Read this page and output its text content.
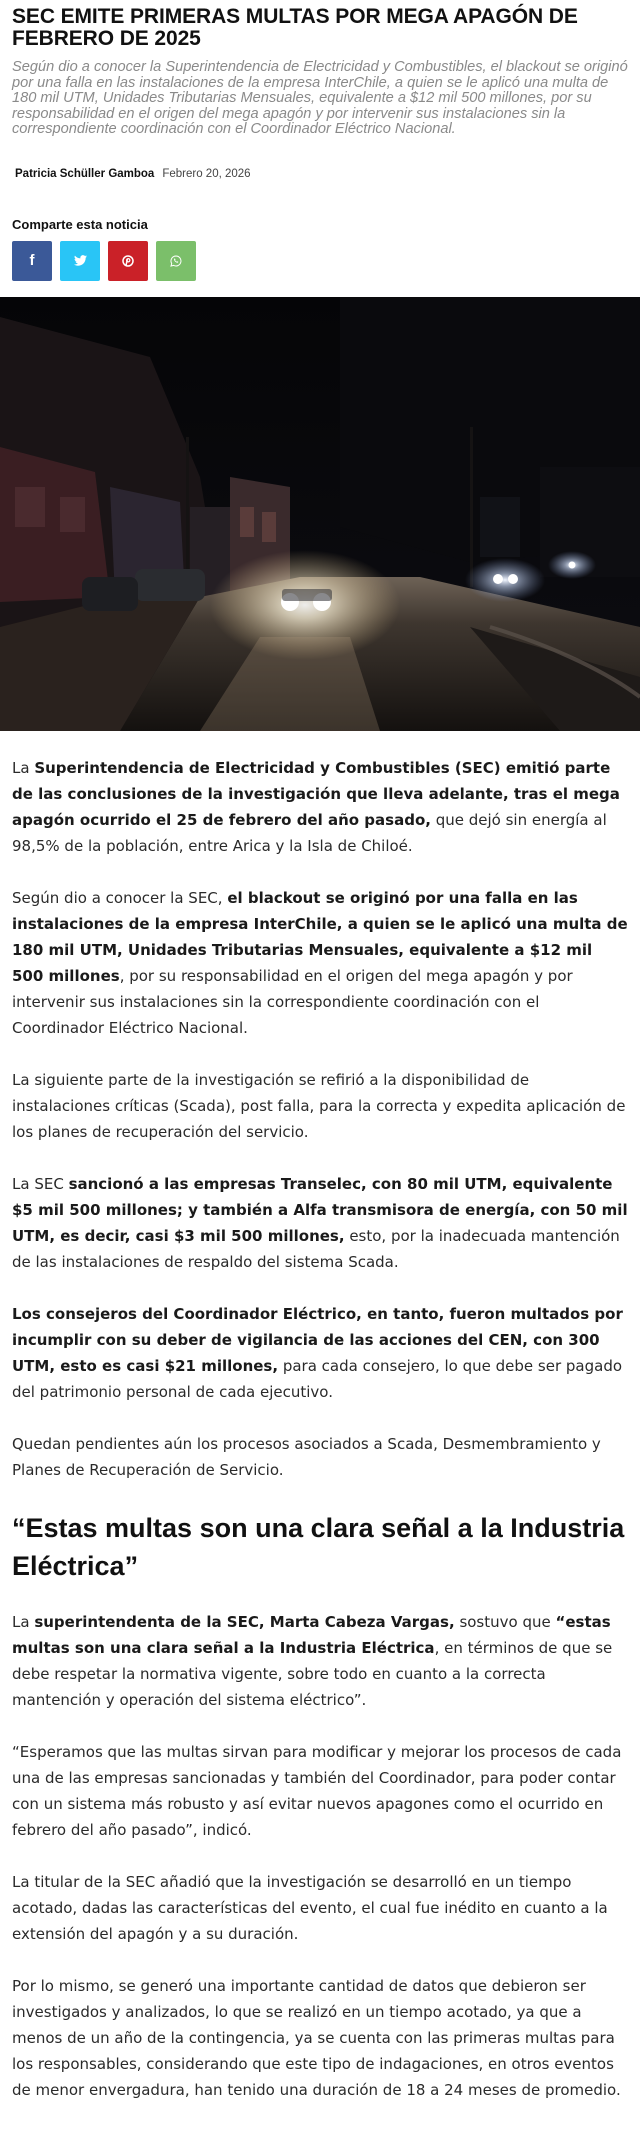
SEC EMITE PRIMERAS MULTAS POR MEGA APAGÓN DE FEBRERO DE 2025
Según dio a conocer la Superintendencia de Electricidad y Combustibles, el blackout se originó por una falla en las instalaciones de la empresa InterChile, a quien se le aplicó una multa de 180 mil UTM, Unidades Tributarias Mensuales, equivalente a $12 mil 500 millones, por su responsabilidad en el origen del mega apagón y por intervenir sus instalaciones sin la correspondiente coordinación con el Coordinador Eléctrico Nacional.
Patricia Schüller Gamboa Febrero 20, 2026
Comparte esta noticia
f

La Superintendencia de Electricidad y Combustibles (SEC) emitió parte de las conclusiones de la investigación que lleva adelante, tras el mega apagón ocurrido el 25 de febrero del año pasado, que dejó sin energía al 98,5% de la población, entre Arica y la Isla de Chiloé.

Según dio a conocer la SEC, el blackout se originó por una falla en las instalaciones de la empresa InterChile, a quien se le aplicó una multa de 180 mil UTM, Unidades Tributarias Mensuales, equivalente a $12 mil 500 millones, por su responsabilidad en el origen del mega apagón y por intervenir sus instalaciones sin la correspondiente coordinación con el Coordinador Eléctrico Nacional.

La siguiente parte de la investigación se refirió a la disponibilidad de instalaciones críticas (Scada), post falla, para la correcta y expedita aplicación de los planes de recuperación del servicio.

La SEC sancionó a las empresas Transelec, con 80 mil UTM, equivalente $5 mil 500 millones; y también a Alfa transmisora de energía, con 50 mil UTM, es decir, casi $3 mil 500 millones, esto, por la inadecuada mantención de las instalaciones de respaldo del sistema Scada.

Los consejeros del Coordinador Eléctrico, en tanto, fueron multados por incumplir con su deber de vigilancia de las acciones del CEN, con 300 UTM, esto es casi $21 millones, para cada consejero, lo que debe ser pagado del patrimonio personal de cada ejecutivo.

Quedan pendientes aún los procesos asociados a Scada, Desmembramiento y Planes de Recuperación de Servicio.

“Estas multas son una clara señal a la Industria Eléctrica”

La superintendenta de la SEC, Marta Cabeza Vargas, sostuvo que “estas multas son una clara señal a la Industria Eléctrica, en términos de que se debe respetar la normativa vigente, sobre todo en cuanto a la correcta mantención y operación del sistema eléctrico”.

“Esperamos que las multas sirvan para modificar y mejorar los procesos de cada una de las empresas sancionadas y también del Coordinador, para poder contar con un sistema más robusto y así evitar nuevos apagones como el ocurrido en febrero del año pasado”, indicó.

La titular de la SEC añadió que la investigación se desarrolló en un tiempo acotado, dadas las características del evento, el cual fue inédito en cuanto a la extensión del apagón y a su duración.

Por lo mismo, se generó una importante cantidad de datos que debieron ser investigados y analizados, lo que se realizó en un tiempo acotado, ya que a menos de un año de la contingencia, ya se cuenta con las primeras multas para los responsables, considerando que este tipo de indagaciones, en otros eventos de menor envergadura, han tenido una duración de 18 a 24 meses de promedio.
